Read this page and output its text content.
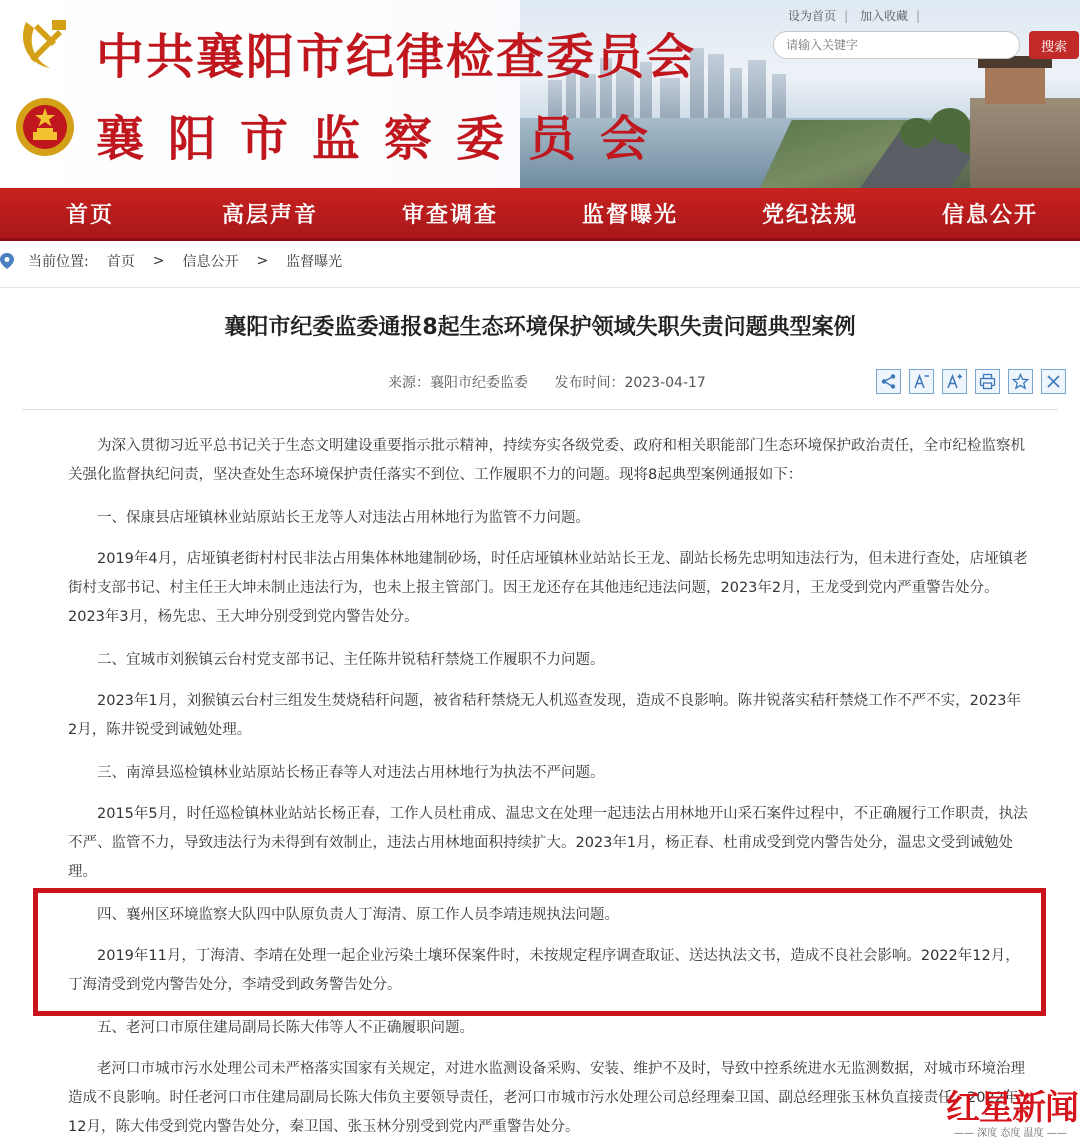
中共襄阳市纪律检查委员会
襄阳市监察委员会
设为首页 | 加入收藏 |
请输入关键字
搜索
首页	高层声音	审查调查	监督曝光	党纪法规	信息公开
当前位置: 首页 > 信息公开 > 监督曝光
襄阳市纪委监委通报8起生态环境保护领域失职失责问题典型案例
来源：襄阳市纪委监委 发布时间：2023-04-17

为深入贯彻习近平总书记关于生态文明建设重要指示批示精神，持续夯实各级党委、政府和相关职能部门生态环境保护政治责任，全市纪检监察机关强化监督执纪问责，坚决查处生态环境保护责任落实不到位、工作履职不力的问题。现将8起典型案例通报如下：

一、保康县店垭镇林业站原站长王龙等人对违法占用林地行为监管不力问题。

2019年4月，店垭镇老街村村民非法占用集体林地建制砂场，时任店垭镇林业站站长王龙、副站长杨先忠明知违法行为，但未进行查处，店垭镇老街村支部书记、村主任王大坤未制止违法行为，也未上报主管部门。因王龙还存在其他违纪违法问题，2023年2月，王龙受到党内严重警告处分。2023年3月，杨先忠、王大坤分别受到党内警告处分。

二、宜城市刘猴镇云台村党支部书记、主任陈井锐秸秆禁烧工作履职不力问题。

2023年1月，刘猴镇云台村三组发生焚烧秸秆问题，被省秸秆禁烧无人机巡查发现，造成不良影响。陈井锐落实秸秆禁烧工作不严不实，2023年2月，陈井锐受到诫勉处理。

三、南漳县巡检镇林业站原站长杨正春等人对违法占用林地行为执法不严问题。

2015年5月，时任巡检镇林业站站长杨正春，工作人员杜甫成、温忠文在处理一起违法占用林地开山采石案件过程中，不正确履行工作职责，执法不严、监管不力，导致违法行为未得到有效制止，违法占用林地面积持续扩大。2023年1月，杨正春、杜甫成受到党内警告处分，温忠文受到诫勉处理。

四、襄州区环境监察大队四中队原负责人丁海清、原工作人员李靖违规执法问题。

2019年11月，丁海清、李靖在处理一起企业污染土壤环保案件时，未按规定程序调查取证、送达执法文书，造成不良社会影响。2022年12月，丁海清受到党内警告处分，李靖受到政务警告处分。

五、老河口市原住建局副局长陈大伟等人不正确履职问题。

老河口市城市污水处理公司未严格落实国家有关规定，对进水监测设备采购、安装、维护不及时，导致中控系统进水无监测数据，对城市环境治理造成不良影响。时任老河口市住建局副局长陈大伟负主要领导责任，老河口市城市污水处理公司总经理秦卫国、副总经理张玉林负直接责任。2022年12月，陈大伟受到党内警告处分，秦卫国、张玉林分别受到党内严重警告处分。	红星新闻
—— 深度 态度 温度 ——
